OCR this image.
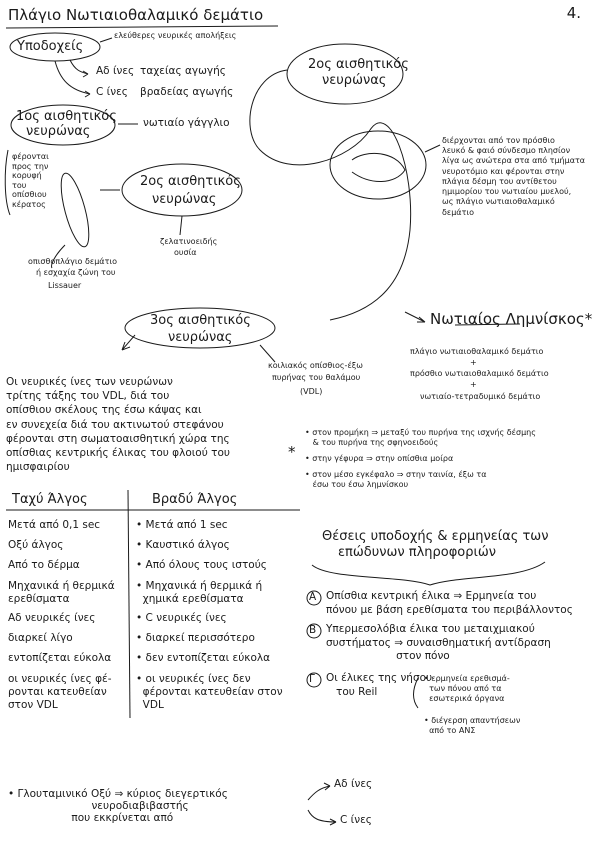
4.
Πλάγιο Νωτιαιοθαλαμικό δεμάτιο
Υποδοχείς
ελεύθερες νευρικές απολήξεις
Αδ ίνες ταχείας αγωγής
C ίνες βραδείας αγωγής
1ος αισθητικός
νευρώνας
νωτιαίο γάγγλιο
φέρονται
προς την
κορυφή
του
οπίσθιου
κέρατος
οπισθοπλάγιο δεμάτιο
ή εσχαχία ζώνη του
Lissauer
2ος αισθητικός
νευρώνας
διέρχονται από τον πρόσθιο
λευκό & φαιό σύνδεσμο πλησίον
λίγα ως ανώτερα στα από τμήματα
νευροτόμιο και φέρονται στην
πλάγια δέσμη του αντίθετου
ημιμορίου του νωτιαίου μυελού,
ως πλάγιο νωτιαιοθαλαμικό
δεμάτιο
2ος αισθητικός
νευρώνας
ζελατινοειδής
ουσία
3ος αισθητικός
νευρώνας
κοιλιακός οπίσθιος-έξω
πυρήνας του θαλάμου
(VDL)
Νωτιαίος Λημνίσκος*
πλάγιο νωτιαιοθαλαμικό δεμάτιο
+
πρόσθιο νωτιαιοθαλαμικό δεμάτιο
+
νωτιαίο-τετραδυμικό δεμάτιο
Οι νευρικές ίνες των νευρώνων
τρίτης τάξης του VDL, διά του
οπίσθιου σκέλους της έσω κάψας και
εν συνεχεία διά του ακτινωτού στεφάνου
φέρονται στη σωματοαισθητική χώρα της
οπίσθιας κεντρικής έλικας του φλοιού του
ημισφαιρίου
*
• στον προμήκη ⇒ μεταξύ του πυρήνα της ισχνής δέσμης
& του πυρήνα της σφηνοειδούς
• στην γέφυρα ⇒ στην οπίσθια μοίρα
• στον μέσο εγκέφαλο ⇒ στην ταινία, έξω τα
έσω του έσω λημνίσκου
Ταχύ Άλγος	Βραδύ Άλγος
Μετά από 0,1 sec
Οξύ άλγος
Από το δέρμα
Μηχανικά ή θερμικά
ερεθίσματα
Αδ νευρικές ίνες
διαρκεί λίγο
εντοπίζεται εύκολα
οι νευρικές ίνες φέ-
ρονται κατευθείαν
στον VDL
• Μετά από 1 sec
• Καυστικό άλγος
• Από όλους τους ιστούς
• Μηχανικά ή θερμικά ή
χημικά ερεθίσματα
• C νευρικές ίνες
• διαρκεί περισσότερο
• δεν εντοπίζεται εύκολα
• οι νευρικές ίνες δεν
φέρονται κατευθείαν στον
VDL
Θέσεις υποδοχής & ερμηνείας των
επώδυνων πληροφοριών
A Οπίσθια κεντρική έλικα ⇒ Ερμηνεία του
πόνου με βάση ερεθίσματα του περιβάλλοντος
B Υπερμεσολόβια έλικα του μεταιχμιακού
συστήματος ⇒ συναισθηματική αντίδραση
στον πόνο
Γ Οι έλικες της νήσου
του Reil
• ερμηνεία ερεθισμά-
των πόνου από τα
εσωτερικά όργανα
• διέγερση απαντήσεων
από το ΑΝΣ
• Γλουταμινικό Οξύ ⇒ κύριος διεγερτικός
νευροδιαβιβαστής
που εκκρίνεται από
Αδ ίνες
C ίνες
